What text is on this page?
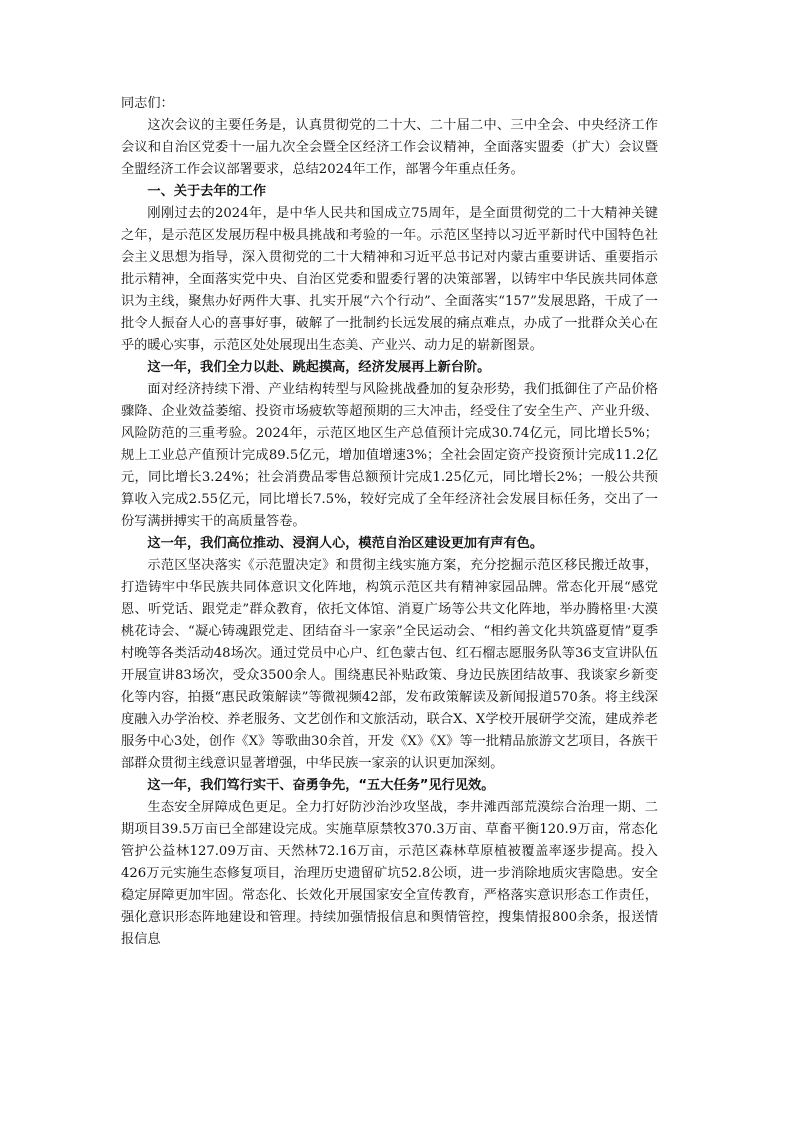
同志们：

这次会议的主要任务是，认真贯彻党的二十大、二十届二中、三中全会、中央经济工作会议和自治区党委十一届九次全会暨全区经济工作会议精神，全面落实盟委（扩大）会议暨全盟经济工作会议部署要求，总结2024年工作，部署今年重点任务。

一、关于去年的工作

刚刚过去的2024年，是中华人民共和国成立75周年，是全面贯彻党的二十大精神关键之年，是示范区发展历程中极具挑战和考验的一年。示范区坚持以习近平新时代中国特色社会主义思想为指导，深入贯彻党的二十大精神和习近平总书记对内蒙古重要讲话、重要指示批示精神，全面落实党中央、自治区党委和盟委行署的决策部署，以铸牢中华民族共同体意识为主线，聚焦办好两件大事、扎实开展“六个行动”、全面落实“157”发展思路，干成了一批令人振奋人心的喜事好事，破解了一批制约长远发展的痛点难点，办成了一批群众关心在乎的暖心实事，示范区处处展现出生态美、产业兴、动力足的崭新图景。

这一年，我们全力以赴、跳起摸高，经济发展再上新台阶。

面对经济持续下滑、产业结构转型与风险挑战叠加的复杂形势，我们抵御住了产品价格骤降、企业效益萎缩、投资市场疲软等超预期的三大冲击，经受住了安全生产、产业升级、风险防范的三重考验。2024年，示范区地区生产总值预计完成30.74亿元，同比增长5%；规上工业总产值预计完成89.5亿元，增加值增速3%；全社会固定资产投资预计完成11.2亿元，同比增长3.24%；社会消费品零售总额预计完成1.25亿元，同比增长2%；一般公共预算收入完成2.55亿元，同比增长7.5%，较好完成了全年经济社会发展目标任务，交出了一份写满拼搏实干的高质量答卷。

这一年，我们高位推动、浸润人心，模范自治区建设更加有声有色。

示范区坚决落实《示范盟决定》和贯彻主线实施方案，充分挖掘示范区移民搬迁故事，打造铸牢中华民族共同体意识文化阵地，构筑示范区共有精神家园品牌。常态化开展“感党恩、听党话、跟党走”群众教育，依托文体馆、消夏广场等公共文化阵地，举办腾格里·大漠桃花诗会、“凝心铸魂跟党走、团结奋斗一家亲”全民运动会、“相约善文化共筑盛夏情”夏季村晚等各类活动48场次。通过党员中心户、红色蒙古包、红石榴志愿服务队等36支宣讲队伍开展宣讲83场次，受众3500余人。围绕惠民补贴政策、身边民族团结故事、我谈家乡新变化等内容，拍摄“惠民政策解读”等微视频42部，发布政策解读及新闻报道570条。将主线深度融入办学治校、养老服务、文艺创作和文旅活动，联合X、X学校开展研学交流，建成养老服务中心3处，创作《X》等歌曲30余首，开发《X》《X》等一批精品旅游文艺项目，各族干部群众贯彻主线意识显著增强，中华民族一家亲的认识更加深刻。

这一年，我们笃行实干、奋勇争先，“五大任务”见行见效。

生态安全屏障成色更足。全力打好防沙治沙攻坚战，李井滩西部荒漠综合治理一期、二期项目39.5万亩已全部建设完成。实施草原禁牧370.3万亩、草畜平衡120.9万亩，常态化管护公益林127.09万亩、天然林72.16万亩，示范区森林草原植被覆盖率逐步提高。投入426万元实施生态修复项目，治理历史遗留矿坑52.8公顷，进一步消除地质灾害隐患。安全稳定屏障更加牢固。常态化、长效化开展国家安全宣传教育，严格落实意识形态工作责任，强化意识形态阵地建设和管理。持续加强情报信息和舆情管控，搜集情报800余条，报送情报信息
